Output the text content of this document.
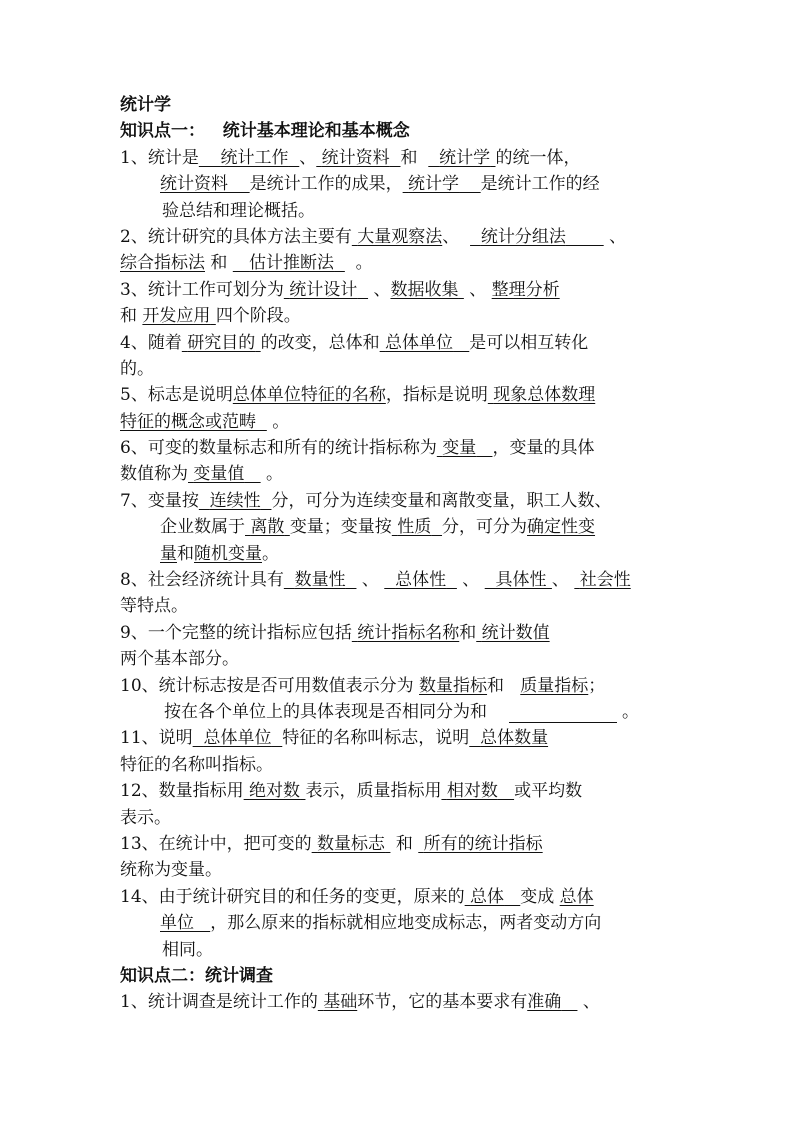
统计学
知识点一： 统计基本理论和基本概念
1、统计是 统计工作 、 统计资料 和 统计学 的统一体，
统计资料 是统计工作的成果， 统计学 是统计工作的经
验总结和理论概括。
2、统计研究的具体方法主要有 大量观察法、 统计分组法	、
综合指标法 和 估计推断法 。
3、统计工作可划分为 统计设计 、数据收集 、 整理分析
和 开发应用 四个阶段。
4、随着 研究目的 的改变，总体和 总体单位 是可以相互转化
的。
5、标志是说明总体单位特征的名称，指标是说明 现象总体数理
特征的概念或范畴 。
6、可变的数量标志和所有的统计指标称为 变量 ，变量的具体
数值称为 变量值 。
7、变量按 连续性 分，可分为连续变量和离散变量，职工人数、
企业数属于 离散 变量；变量按 性质 分，可分为确定性变
量和随机变量。
8、社会经济统计具有 数量性 、 总体性 、 具体性 、 社会性
等特点。
9、一个完整的统计指标应包括 统计指标名称和 统计数值
两个基本部分。
10、统计标志按是否可用数值表示分为 数量指标和 质量指标；
按在各个单位上的具体表现是否相同分为和	。
11、说明 总体单位 特征的名称叫标志，说明 总体数量
特征的名称叫指标。
12、数量指标用 绝对数 表示，质量指标用 相对数 或平均数
表示。
13、在统计中，把可变的 数量标志 和 所有的统计指标
统称为变量。
14、由于统计研究目的和任务的变更，原来的 总体 变成 总体
单位 ，那么原来的指标就相应地变成标志，两者变动方向
相同。
知识点二：统计调查
1、统计调查是统计工作的 基础环节，它的基本要求有准确 、
